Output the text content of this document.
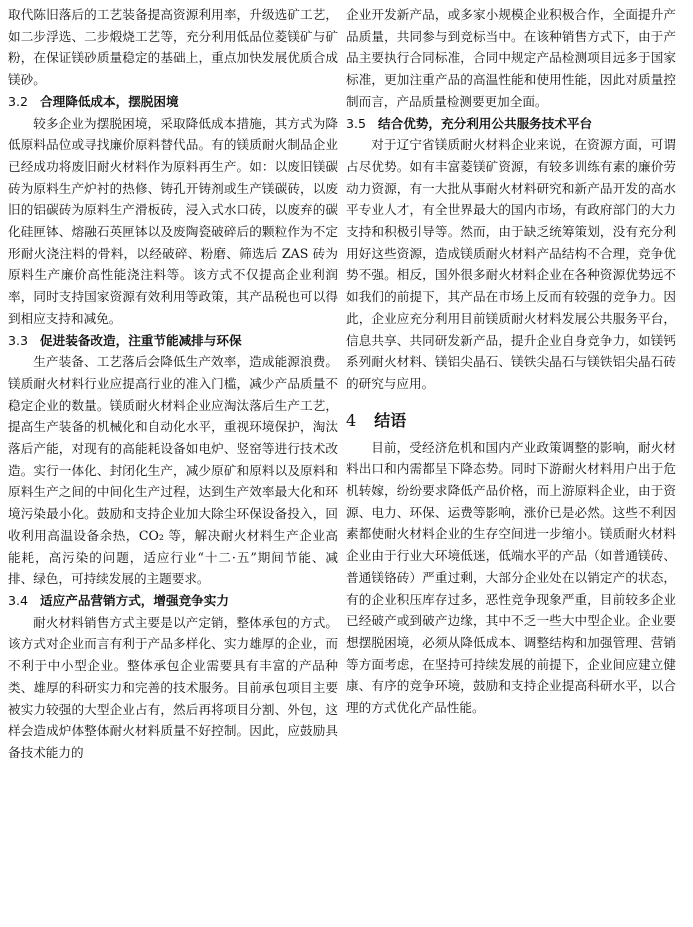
取代陈旧落后的工艺装备提高资源利用率，升级选矿工艺，如二步浮选、二步煅烧工艺等，充分利用低品位菱镁矿与矿粉，在保证镁砂质量稳定的基础上，重点加快发展优质合成镁砂。

3.2 合理降低成本，摆脱困境

较多企业为摆脱困境，采取降低成本措施，其方式为降低原料品位或寻找廉价原料替代品。有的镁质耐火制品企业已经成功将废旧耐火材料作为原料再生产。如：以废旧镁碳砖为原料生产炉衬的热修、铸孔开铸剂或生产镁碳砖，以废旧的铝碳砖为原料生产滑板砖，浸入式水口砖，以废弃的碳化硅匣钵、熔融石英匣钵以及废陶瓷破碎后的颗粒作为不定形耐火浇注料的骨料，以经破碎、粉磨、筛选后 ZAS 砖为原料生产廉价高性能浇注料等。该方式不仅提高企业利润率，同时支持国家资源有效利用等政策，其产品税也可以得到相应支持和减免。

3.3 促进装备改造，注重节能减排与环保

生产装备、工艺落后会降低生产效率，造成能源浪费。镁质耐火材料行业应提高行业的准入门槛，减少产品质量不稳定企业的数量。镁质耐火材料企业应淘汰落后生产工艺，提高生产装备的机械化和自动化水平，重视环境保护，淘汰落后产能，对现有的高能耗设备如电炉、竖窑等进行技术改造。实行一体化、封闭化生产，减少原矿和原料以及原料和原料生产之间的中间化生产过程，达到生产效率最大化和环境污染最小化。鼓励和支持企业加大除尘环保设备投入，回收利用高温设备余热，CO₂ 等，解决耐火材料生产企业高能耗，高污染的问题，适应行业“十二·五”期间节能、减排、绿色，可持续发展的主题要求。

3.4 适应产品营销方式，增强竞争实力

耐火材料销售方式主要是以产定销，整体承包的方式。该方式对企业而言有利于产品多样化、实力雄厚的企业，而不利于中小型企业。整体承包企业需要具有丰富的产品种类、雄厚的科研实力和完善的技术服务。目前承包项目主要被实力较强的大型企业占有，然后再将项目分割、外包，这样会造成炉体整体耐火材料质量不好控制。因此，应鼓励具备技术能力的

企业开发新产品，或多家小规模企业积极合作，全面提升产品质量，共同参与到竞标当中。在该种销售方式下，由于产品主要执行合同标准，合同中规定产品检测项目远多于国家标准，更加注重产品的高温性能和使用性能，因此对质量控制而言，产品质量检测要更加全面。

3.5 结合优势，充分利用公共服务技术平台

对于辽宁省镁质耐火材料企业来说，在资源方面，可谓占尽优势。如有丰富菱镁矿资源，有较多训练有素的廉价劳动力资源，有一大批从事耐火材料研究和新产品开发的高水平专业人才，有全世界最大的国内市场，有政府部门的大力支持和积极引导等。然而，由于缺乏统筹策划，没有充分利用好这些资源，造成镁质耐火材料产品结构不合理，竞争优势不强。相反，国外很多耐火材料企业在各种资源优势远不如我们的前提下，其产品在市场上反而有较强的竞争力。因此，企业应充分利用目前镁质耐火材料发展公共服务平台，信息共享、共同研发新产品，提升企业自身竞争力，如镁钙系列耐火材料、镁铝尖晶石、镁铁尖晶石与镁铁铝尖晶石砖的研究与应用。

4 结语

目前，受经济危机和国内产业政策调整的影响，耐火材料出口和内需都呈下降态势。同时下游耐火材料用户出于危机转嫁，纷纷要求降低产品价格，而上游原料企业，由于资源、电力、环保、运费等影响，涨价已是必然。这些不利因素都使耐火材料企业的生存空间进一步缩小。镁质耐火材料企业由于行业大环境低迷，低端水平的产品（如普通镁砖、普通镁铬砖）严重过剩，大部分企业处在以销定产的状态，有的企业积压库存过多，恶性竞争现象严重，目前较多企业已经破产或到破产边缘，其中不乏一些大中型企业。企业要想摆脱困境，必须从降低成本、调整结构和加强管理、营销等方面考虑，在坚持可持续发展的前提下，企业间应建立健康、有序的竞争环境，鼓励和支持企业提高科研水平，以合理的方式优化产品性能。
